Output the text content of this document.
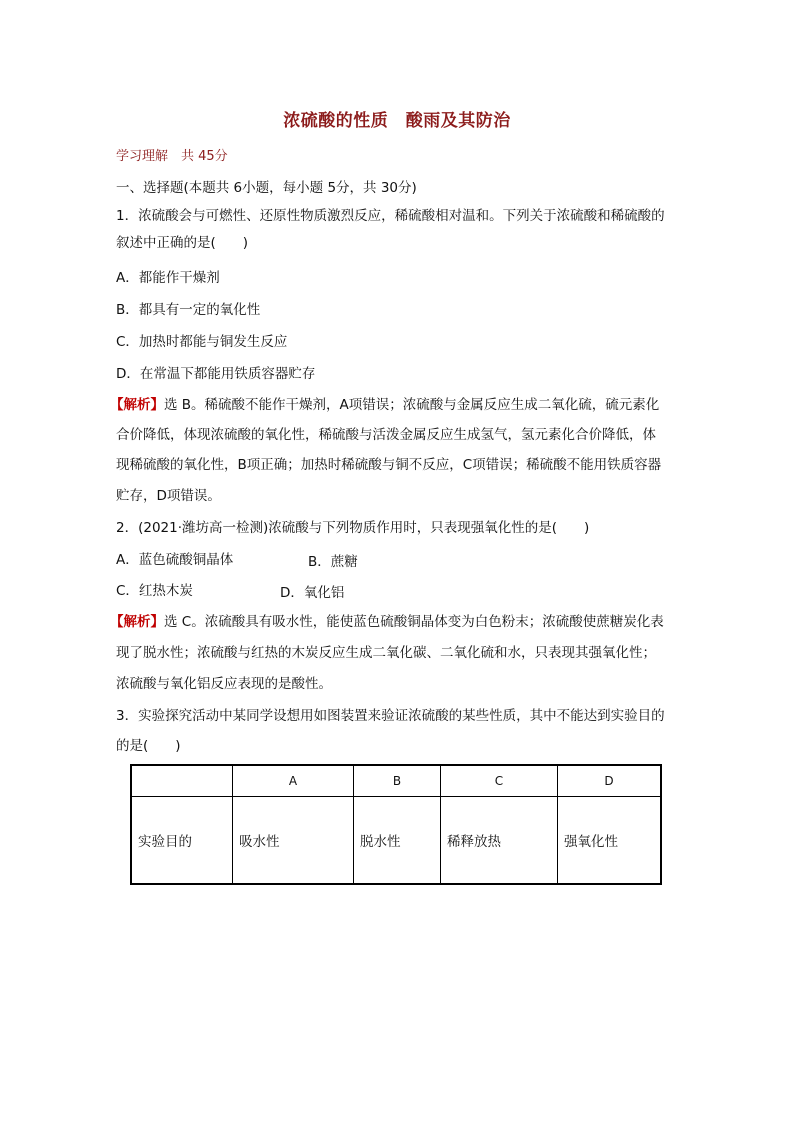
浓硫酸的性质　酸雨及其防治
学习理解　共 45分
一、选择题(本题共 6小题，每小题 5分，共 30分)
1．浓硫酸会与可燃性、还原性物质激烈反应，稀硫酸相对温和。下列关于浓硫酸和稀硫酸的
叙述中正确的是(　　)
A．都能作干燥剂
B．都具有一定的氧化性
C．加热时都能与铜发生反应
D．在常温下都能用铁质容器贮存
【解析】选 B。稀硫酸不能作干燥剂，A项错误；浓硫酸与金属反应生成二氧化硫，硫元素化
合价降低，体现浓硫酸的氧化性，稀硫酸与活泼金属反应生成氢气，氢元素化合价降低，体
现稀硫酸的氧化性，B项正确；加热时稀硫酸与铜不反应，C项错误；稀硫酸不能用铁质容器
贮存，D项错误。
2．(2021·潍坊高一检测)浓硫酸与下列物质作用时，只表现强氧化性的是(　　)
A．蓝色硫酸铜晶体	B．蔗糖
C．红热木炭	D．氧化铝
【解析】选 C。浓硫酸具有吸水性，能使蓝色硫酸铜晶体变为白色粉末；浓硫酸使蔗糖炭化表
现了脱水性；浓硫酸与红热的木炭反应生成二氧化碳、二氧化硫和水，只表现其强氧化性；
浓硫酸与氧化铝反应表现的是酸性。
3．实验探究活动中某同学设想用如图装置来验证浓硫酸的某些性质，其中不能达到实验目的
的是(　　)
	A	B	C	D
实验目的	吸水性	脱水性	稀释放热	强氧化性
